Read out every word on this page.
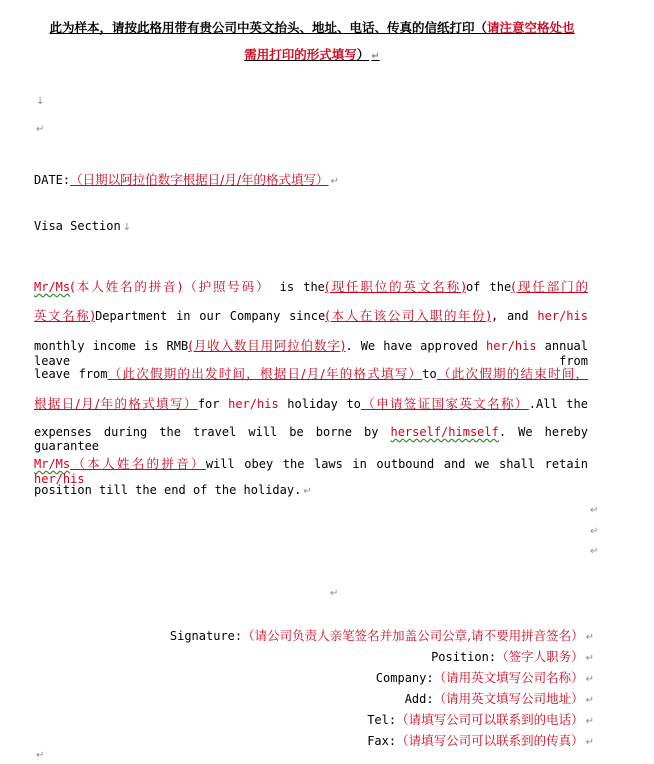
此为样本，请按此格用带有贵公司中英文抬头、地址、电话、传真的信纸打印（请注意空格处也
需用打印的形式填写） ↵
↓
↵
DATE:（日期以阿拉伯数字根据日/月/年的格式填写） ↵
Visa Section ↓
Mr/Ms(本人姓名的拼音)（护照号码） is the(现任职位的英文名称)of the(现任部门的
英文名称)Department in our Company since(本人在该公司入职的年份), and her/his
monthly income is RMB(月收入数目用阿拉伯数字). We have approved her/his annual leave from
leave from（此次假期的出发时间，根据日/月/年的格式填写）to（此次假期的结束时间，
根据日/月/年的格式填写）for her/his holiday to（申请签证国家英文名称）.All the
expenses during the travel will be borne by herself/himself. We hereby guarantee
Mr/Ms（本人姓名的拼音）will obey the laws in outbound and we shall retain her/his
position till the end of the holiday. ↵
↵
↵
↵
↵
Signature:（请公司负责人亲笔签名并加盖公司公章,请不要用拼音签名） ↵
Position:（签字人职务） ↵
Company:（请用英文填写公司名称） ↵
Add:（请用英文填写公司地址） ↵
Tel:（请填写公司可以联系到的电话） ↵
Fax:（请填写公司可以联系到的传真） ↵
↵
